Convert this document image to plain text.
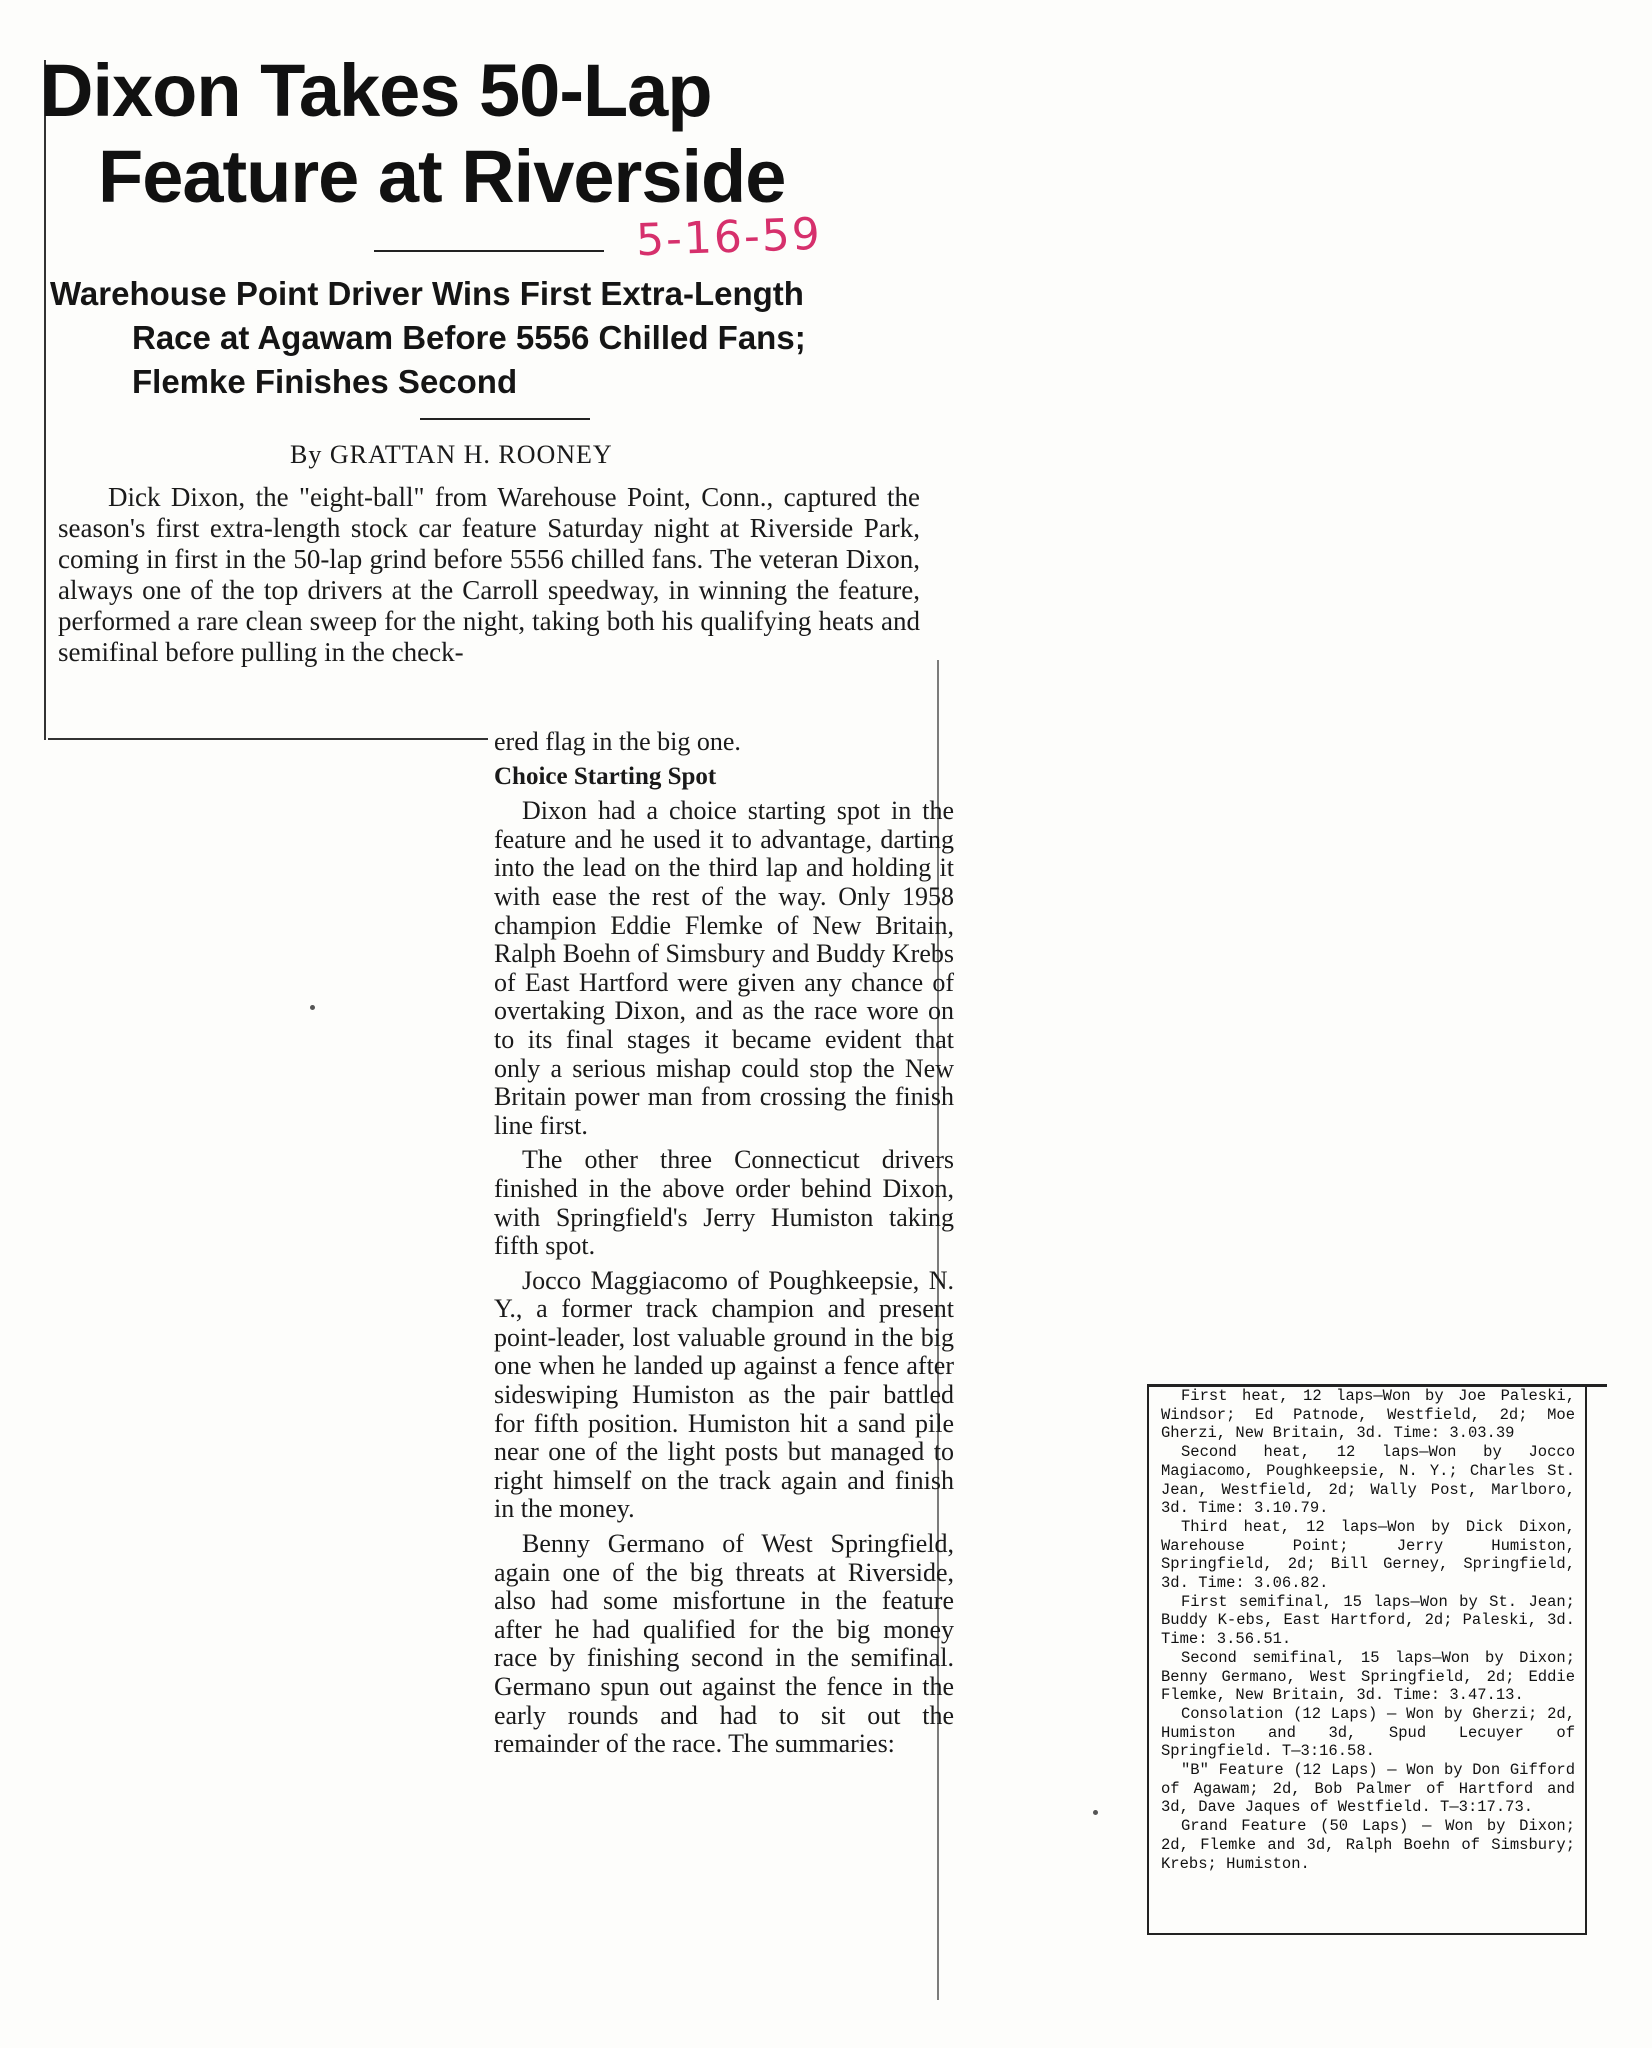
Dixon Takes 50-Lap
Feature at Riverside
5-16-59
Warehouse Point Driver Wins First Extra-Length
Race at Agawam Before 5556 Chilled Fans;
Flemke Finishes Second
By GRATTAN H. ROONEY

Dick Dixon, the "eight-ball" from Warehouse Point, Conn., captured the season's first extra-length stock car feature Saturday night at Riverside Park, coming in first in the 50-lap grind before 5556 chilled fans. The veteran Dixon, always one of the top drivers at the Carroll speedway, in winning the feature, performed a rare clean sweep for the night, taking both his qualifying heats and semifinal before pulling in the check-

ered flag in the big one.

Choice Starting Spot

Dixon had a choice starting spot in the feature and he used it to advantage, darting into the lead on the third lap and holding it with ease the rest of the way. Only 1958 champion Eddie Flemke of New Britain, Ralph Boehn of Simsbury and Buddy Krebs of East Hartford were given any chance of overtaking Dixon, and as the race wore on to its final stages it became evident that only a serious mishap could stop the New Britain power man from crossing the finish line first.

The other three Connecticut drivers finished in the above order behind Dixon, with Springfield's Jerry Humiston taking fifth spot.

Jocco Maggiacomo of Poughkeepsie, N. Y., a former track champion and present point-leader, lost valuable ground in the big one when he landed up against a fence after sideswiping Humiston as the pair battled for fifth position. Humiston hit a sand pile near one of the light posts but managed to right himself on the track again and finish in the money.

Benny Germano of West Springfield, again one of the big threats at Riverside, also had some misfortune in the feature after he had qualified for the big money race by finishing second in the semifinal. Germano spun out against the fence in the early rounds and had to sit out the remainder of the race. The summaries:

First heat, 12 laps—Won by Joe Paleski, Windsor; Ed Patnode, Westfield, 2d; Moe Gherzi, New Britain, 3d. Time: 3.03.39

Second heat, 12 laps—Won by Jocco Magiacomo, Poughkeepsie, N. Y.; Charles St. Jean, Westfield, 2d; Wally Post, Marlboro, 3d. Time: 3.10.79.

Third heat, 12 laps—Won by Dick Dixon, Warehouse Point; Jerry Humiston, Springfield, 2d; Bill Gerney, Springfield, 3d. Time: 3.06.82.

First semifinal, 15 laps—Won by St. Jean; Buddy K-ebs, East Hartford, 2d; Paleski, 3d. Time: 3.56.51.

Second semifinal, 15 laps—Won by Dixon; Benny Germano, West Springfield, 2d; Eddie Flemke, New Britain, 3d. Time: 3.47.13.

Consolation (12 Laps) — Won by Gherzi; 2d, Humiston and 3d, Spud Lecuyer of Springfield. T—3:16.58.

"B" Feature (12 Laps) — Won by Don Gifford of Agawam; 2d, Bob Palmer of Hartford and 3d, Dave Jaques of Westfield. T—3:17.73.

Grand Feature (50 Laps) — Won by Dixon; 2d, Flemke and 3d, Ralph Boehn of Simsbury; Krebs; Humiston.
